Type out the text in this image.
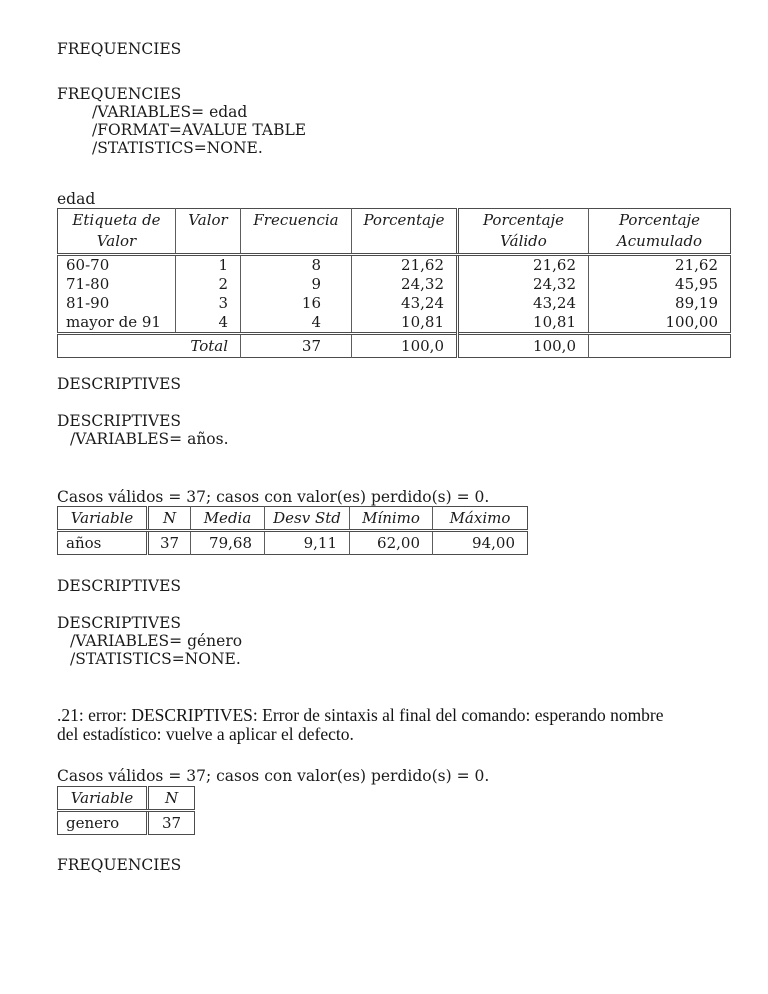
FREQUENCIES
FREQUENCIES
/VARIABLES= edad
/FORMAT=AVALUE TABLE
/STATISTICS=NONE.
edad
Etiqueta de Valor	Valor	Frecuencia	Porcentaje	Porcentaje Válido	Porcentaje Acumulado
60-70	1	8	21,62	21,62	21,62
71-80	2	9	24,32	24,32	45,95
81-90	3	16	43,24	43,24	89,19
mayor de 91	4	4	10,81	10,81	100,00
Total		37	100,0	100,0	
DESCRIPTIVES
DESCRIPTIVES
/VARIABLES= años.
Casos válidos = 37; casos con valor(es) perdido(s) = 0.
Variable	N	Media	Desv Std	Mínimo	Máximo
años	37	79,68	9,11	62,00	94,00
DESCRIPTIVES
DESCRIPTIVES
/VARIABLES= género
/STATISTICS=NONE.
.21: error: DESCRIPTIVES: Error de sintaxis al final del comando: esperando nombre
del estadístico: vuelve a aplicar el defecto.
Casos válidos = 37; casos con valor(es) perdido(s) = 0.
Variable	N
genero	37
FREQUENCIES
